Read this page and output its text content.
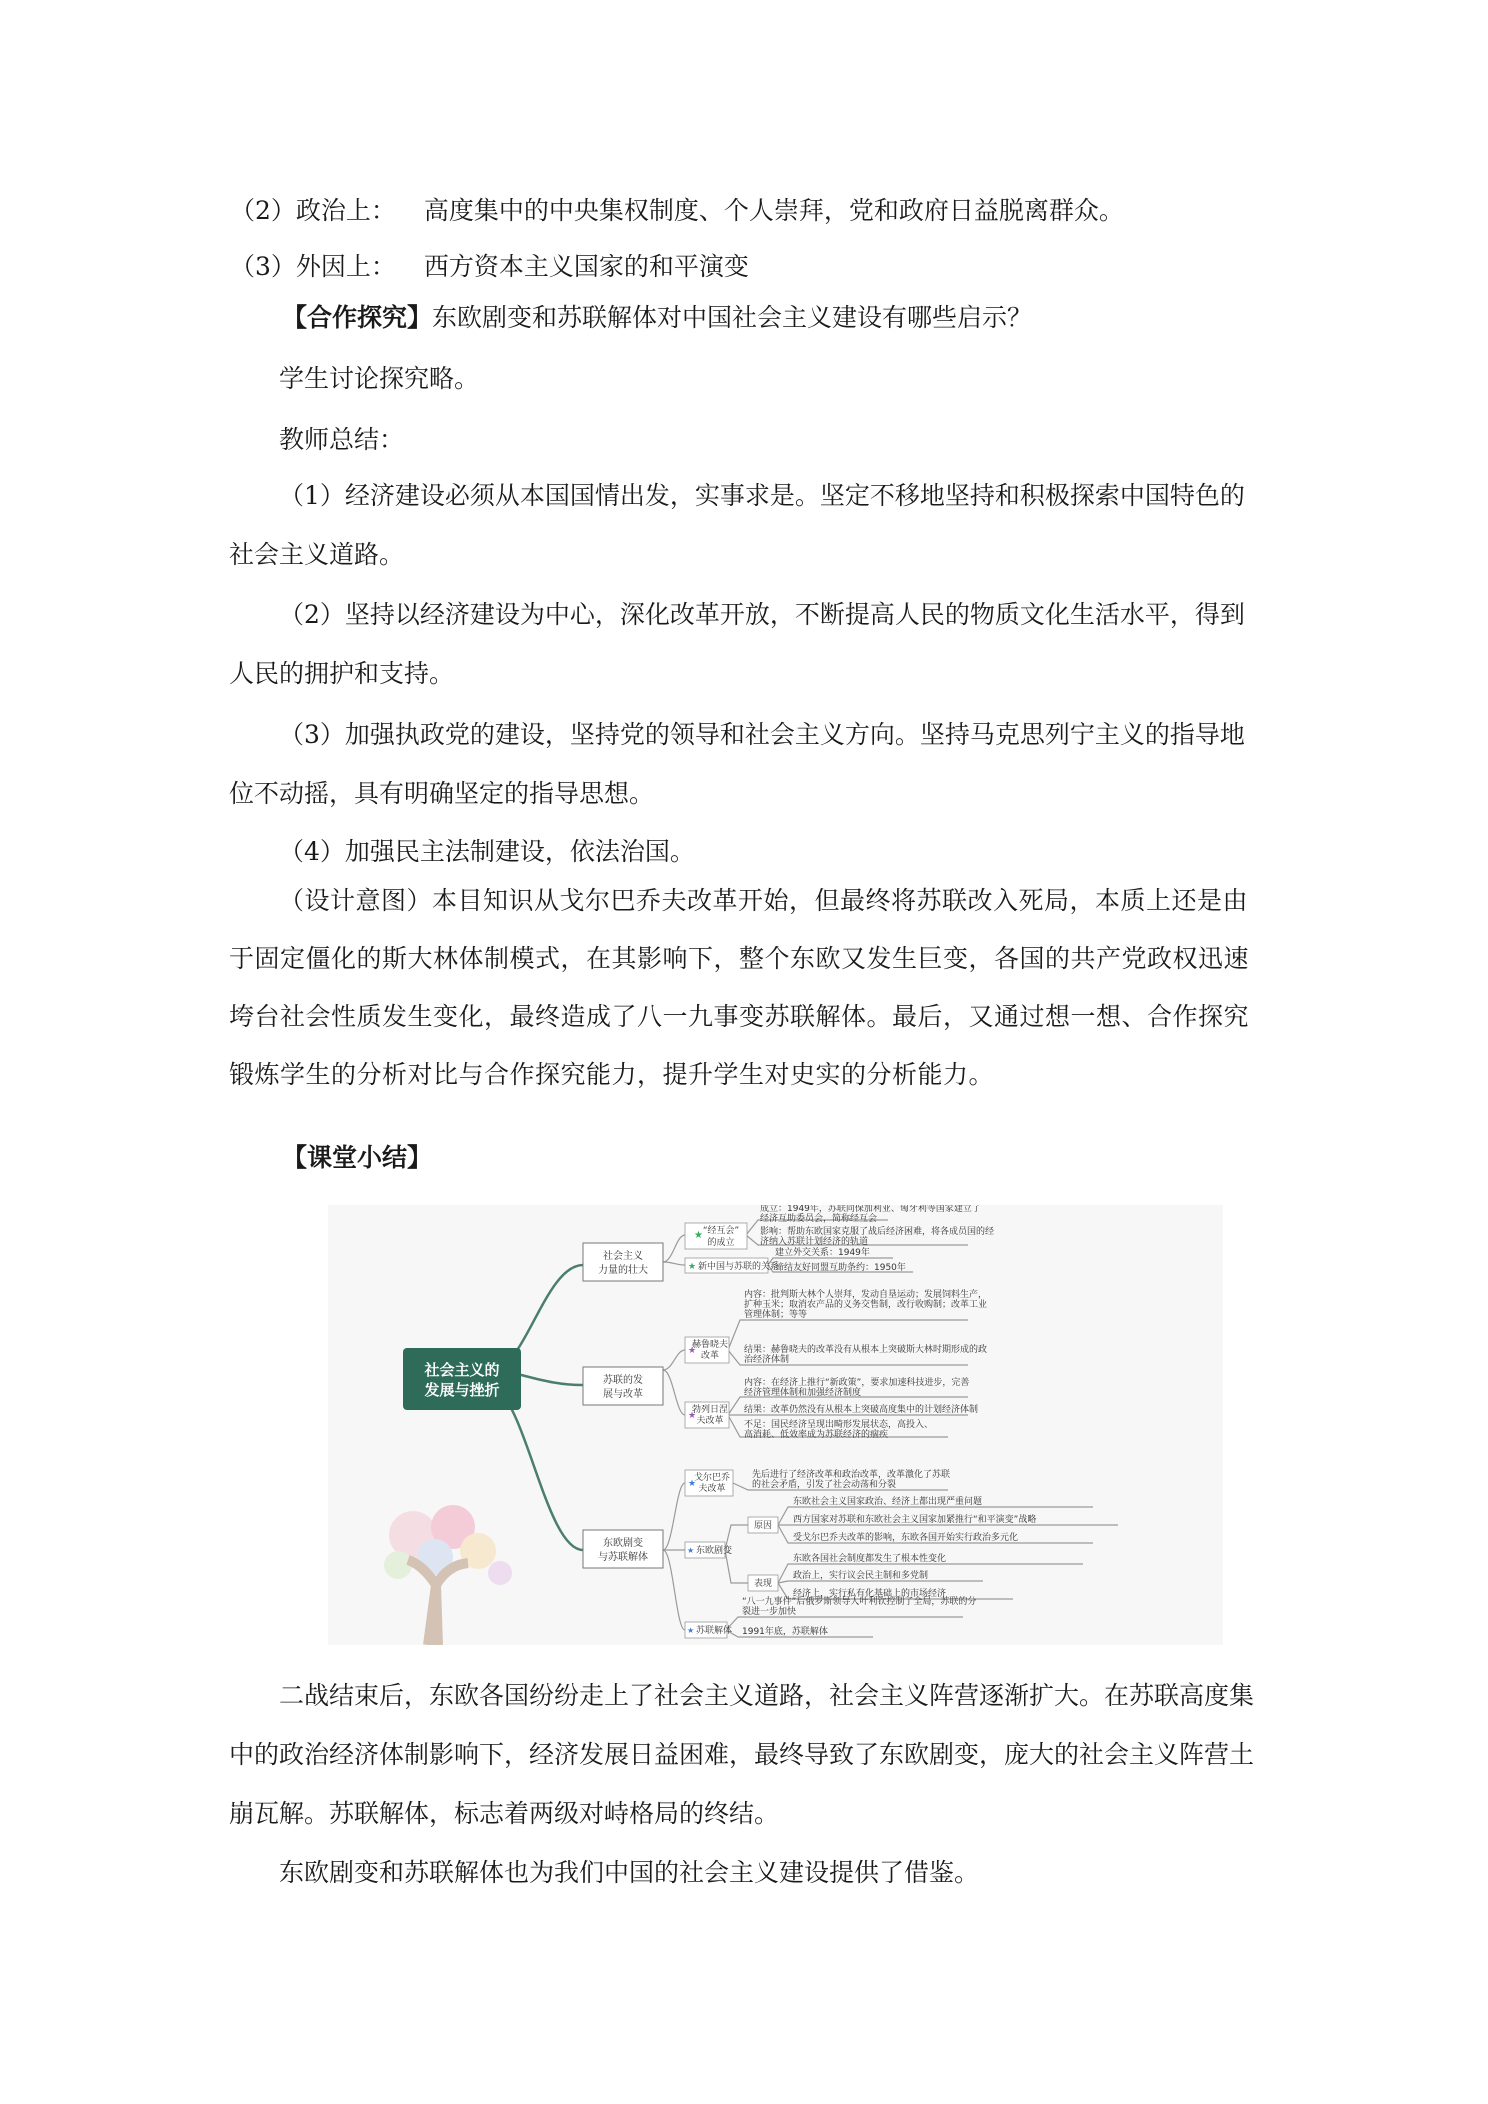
（2）政治上： 高度集中的中央集权制度、个人崇拜，党和政府日益脱离群众。

（3）外因上： 西方资本主义国家的和平演变

【合作探究】东欧剧变和苏联解体对中国社会主义建设有哪些启示？

学生讨论探究略。

教师总结：

（1）经济建设必须从本国国情出发，实事求是。坚定不移地坚持和积极探索中国特色的社会主义道路。

（2）坚持以经济建设为中心，深化改革开放，不断提高人民的物质文化生活水平，得到人民的拥护和支持。

（3）加强执政党的建设，坚持党的领导和社会主义方向。坚持马克思列宁主义的指导地位不动摇，具有明确坚定的指导思想。

（4）加强民主法制建设，依法治国。

（设计意图）本目知识从戈尔巴乔夫改革开始，但最终将苏联改入死局，本质上还是由于固定僵化的斯大林体制模式，在其影响下，整个东欧又发生巨变，各国的共产党政权迅速垮台社会性质发生变化，最终造成了八一九事变苏联解体。最后，又通过想一想、合作探究锻炼学生的分析对比与合作探究能力，提升学生对史实的分析能力。

【课堂小结】
社会主义的
发展与挫折
社会主义
力量的壮大
★ “经互会”
的成立
成立：1949年，苏联同保加利亚、匈牙利等国家建立了
经济互助委员会，简称经互会
影响：帮助东欧国家克服了战后经济困难，将各成员国的经
济纳入苏联计划经济的轨道
★ 新中国与苏联的关系
建立外交关系：1949年
缔结友好同盟互助条约：1950年
苏联的发
展与改革
★
赫鲁晓夫
改革
内容：批判斯大林个人崇拜，发动自垦运动；发展饲料生产，
扩种玉米；取消农产品的义务交售制，改行收购制；改革工业
管理体制；等等
结果：赫鲁晓夫的改革没有从根本上突破斯大林时期形成的政
治经济体制
★
勃列日涅
夫改革
内容：在经济上推行“新政策”，要求加速科技进步，完善
经济管理体制和加强经济制度
结果：改革仍然没有从根本上突破高度集中的计划经济体制
不足：国民经济呈现出畸形发展状态，高投入、
高消耗、低效率成为苏联经济的痼疾
东欧剧变
与苏联解体
★
戈尔巴乔
夫改革
先后进行了经济改革和政治改革，改革激化了苏联
的社会矛盾，引发了社会动荡和分裂
★ 东欧剧变
原因
东欧社会主义国家政治、经济上都出现严重问题
西方国家对苏联和东欧社会主义国家加紧推行“和平演变”战略
受戈尔巴乔夫改革的影响，东欧各国开始实行政治多元化
表现
东欧各国社会制度都发生了根本性变化
政治上，实行议会民主制和多党制
经济上，实行私有化基础上的市场经济
★ 苏联解体
“八一九事件”后俄罗斯领导人叶利钦控制了全局，苏联的分
裂进一步加快
1991年底，苏联解体

二战结束后，东欧各国纷纷走上了社会主义道路，社会主义阵营逐渐扩大。在苏联高度集中的政治经济体制影响下，经济发展日益困难，最终导致了东欧剧变，庞大的社会主义阵营土崩瓦解。苏联解体，标志着两级对峙格局的终结。

东欧剧变和苏联解体也为我们中国的社会主义建设提供了借鉴。
